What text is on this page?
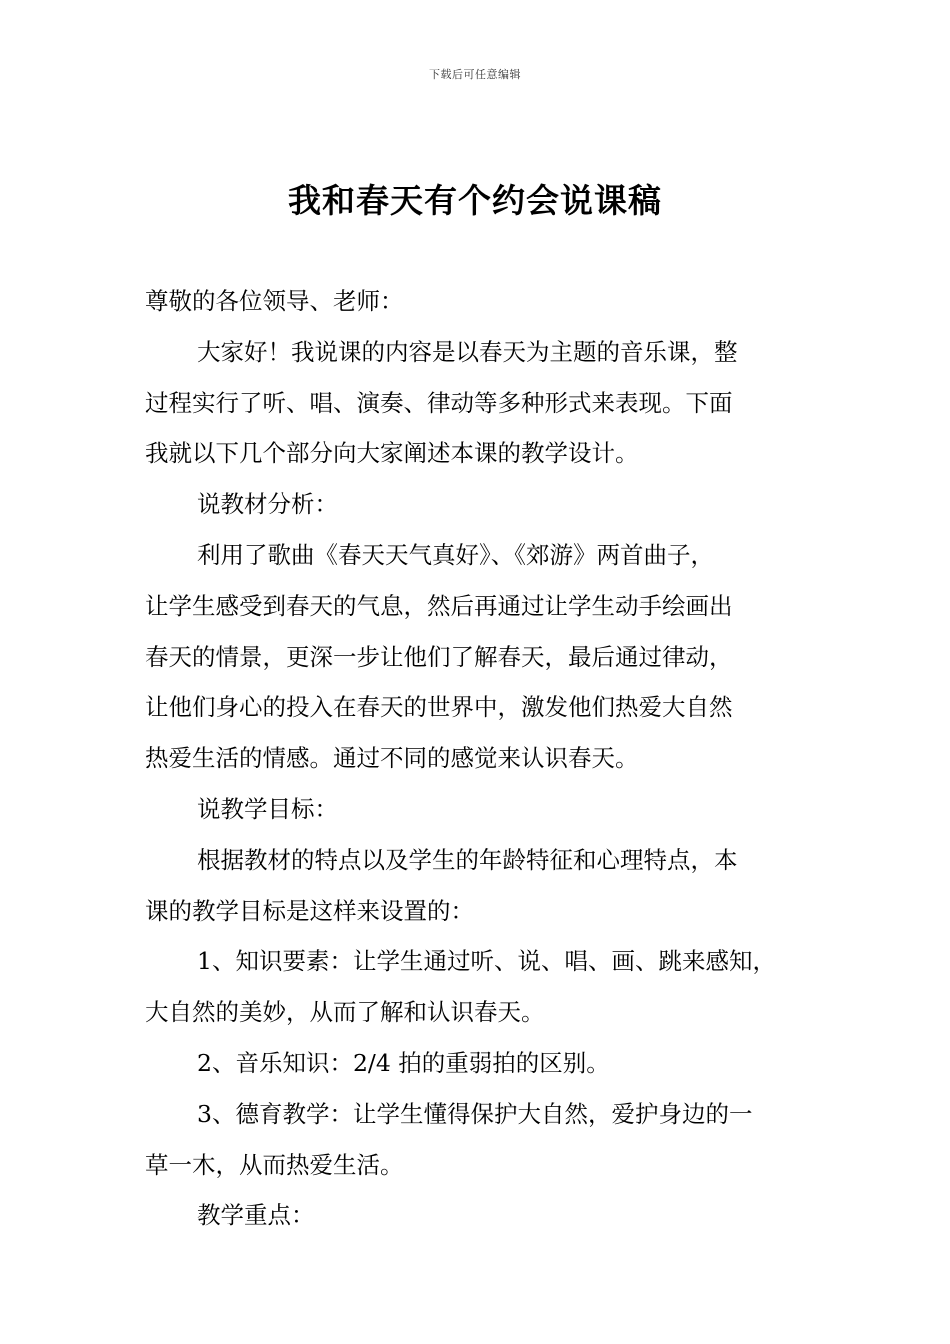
下载后可任意编辑
我和春天有个约会说课稿

尊敬的各位领导、老师：

大家好！我说课的内容是以春天为主题的音乐课，整

过程实行了听、唱、演奏、律动等多种形式来表现。下面

我就以下几个部分向大家阐述本课的教学设计。

说教材分析：

利用了歌曲《春天天气真好》、《郊游》两首曲子，

让学生感受到春天的气息，然后再通过让学生动手绘画出

春天的情景，更深一步让他们了解春天，最后通过律动，

让他们身心的投入在春天的世界中，激发他们热爱大自然

热爱生活的情感。通过不同的感觉来认识春天。

说教学目标：

根据教材的特点以及学生的年龄特征和心理特点，本

课的教学目标是这样来设置的：

1、知识要素：让学生通过听、说、唱、画、跳来感知，

大自然的美妙，从而了解和认识春天。

2、音乐知识：2/4 拍的重弱拍的区别。

3、德育教学：让学生懂得保护大自然，爱护身边的一

草一木，从而热爱生活。

教学重点：
